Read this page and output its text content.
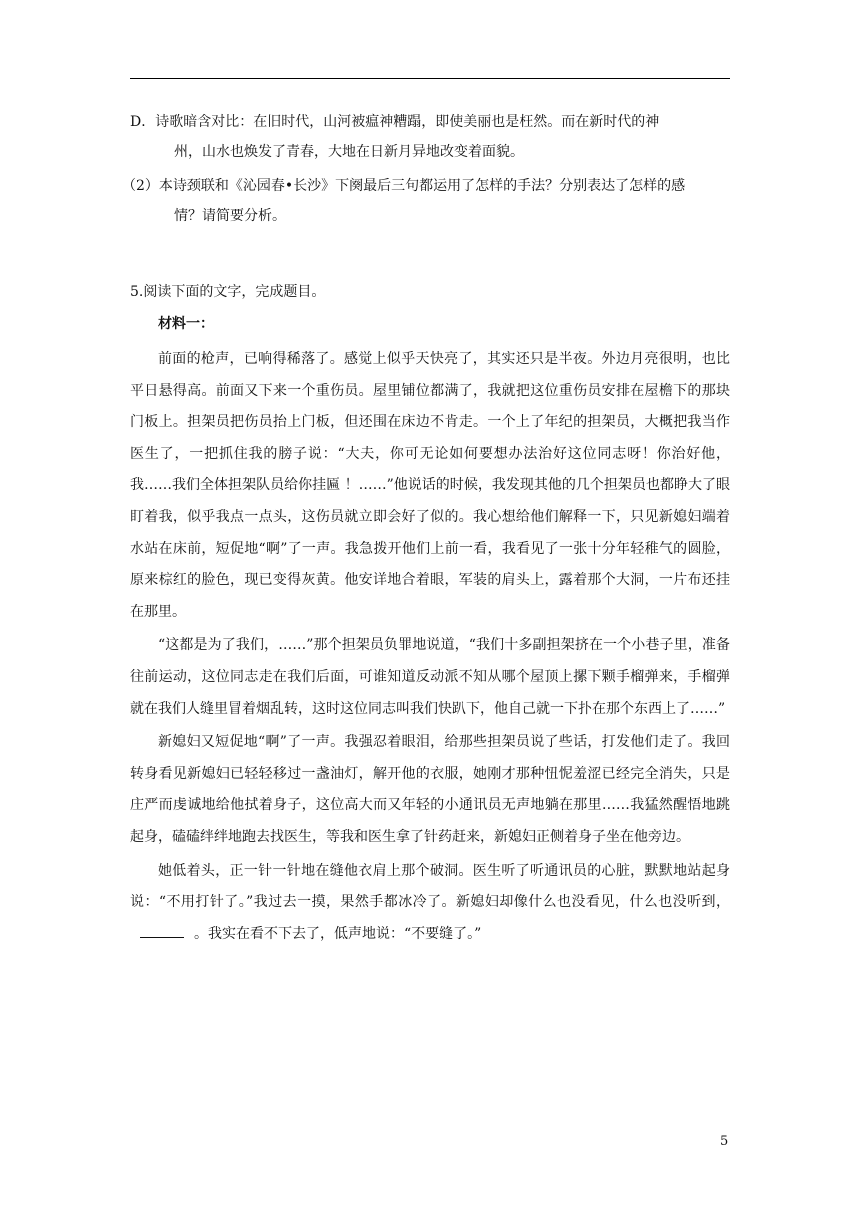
D．诗歌暗含对比：在旧时代，山河被瘟神糟蹋，即使美丽也是枉然。而在新时代的神
州，山水也焕发了青春，大地在日新月异地改变着面貌。

（2）本诗颈联和《沁园春•长沙》下阕最后三句都运用了怎样的手法？分别表达了怎样的感
情？请简要分析。

5.阅读下面的文字，完成题目。

材料一：

前面的枪声，已响得稀落了。感觉上似乎天快亮了，其实还只是半夜。外边月亮很明，也比平日悬得高。前面又下来一个重伤员。屋里铺位都满了，我就把这位重伤员安排在屋檐下的那块门板上。担架员把伤员抬上门板，但还围在床边不肯走。一个上了年纪的担架员，大概把我当作医生了，一把抓住我的膀子说：“大夫，你可无论如何要想办法治好这位同志呀！你治好他，我……我们全体担架队员给你挂匾 ！……”他说话的时候，我发现其他的几个担架员也都睁大了眼盯着我，似乎我点一点头，这伤员就立即会好了似的。我心想给他们解释一下，只见新媳妇端着水站在床前，短促地“啊”了一声。我急拨开他们上前一看，我看见了一张十分年轻稚气的圆脸，原来棕红的脸色，现已变得灰黄。他安详地合着眼，军装的肩头上，露着那个大洞，一片布还挂在那里。

“这都是为了我们，……”那个担架员负罪地说道，“我们十多副担架挤在一个小巷子里，准备往前运动，这位同志走在我们后面，可谁知道反动派不知从哪个屋顶上摞下颗手榴弹来，手榴弹就在我们人缝里冒着烟乱转，这时这位同志叫我们快趴下，他自己就一下扑在那个东西上了……”

新媳妇又短促地“啊”了一声。我强忍着眼泪，给那些担架员说了些话，打发他们走了。我回转身看见新媳妇已轻轻移过一盏油灯，解开他的衣服，她刚才那种忸怩羞涩已经完全消失，只是庄严而虔诚地给他拭着身子，这位高大而又年轻的小通讯员无声地躺在那里……我猛然醒悟地跳起身，磕磕绊绊地跑去找医生，等我和医生拿了针药赶来，新媳妇正侧着身子坐在他旁边。

她低着头，正一针一针地在缝他衣肩上那个破洞。医生听了听通讯员的心脏，默默地站起身说：“不用打针了。”我过去一摸，果然手都冰冷了。新媳妇却像什么也没看见，什么也没听到，。我实在看不下去了，低声地说：“不要缝了。”

5
